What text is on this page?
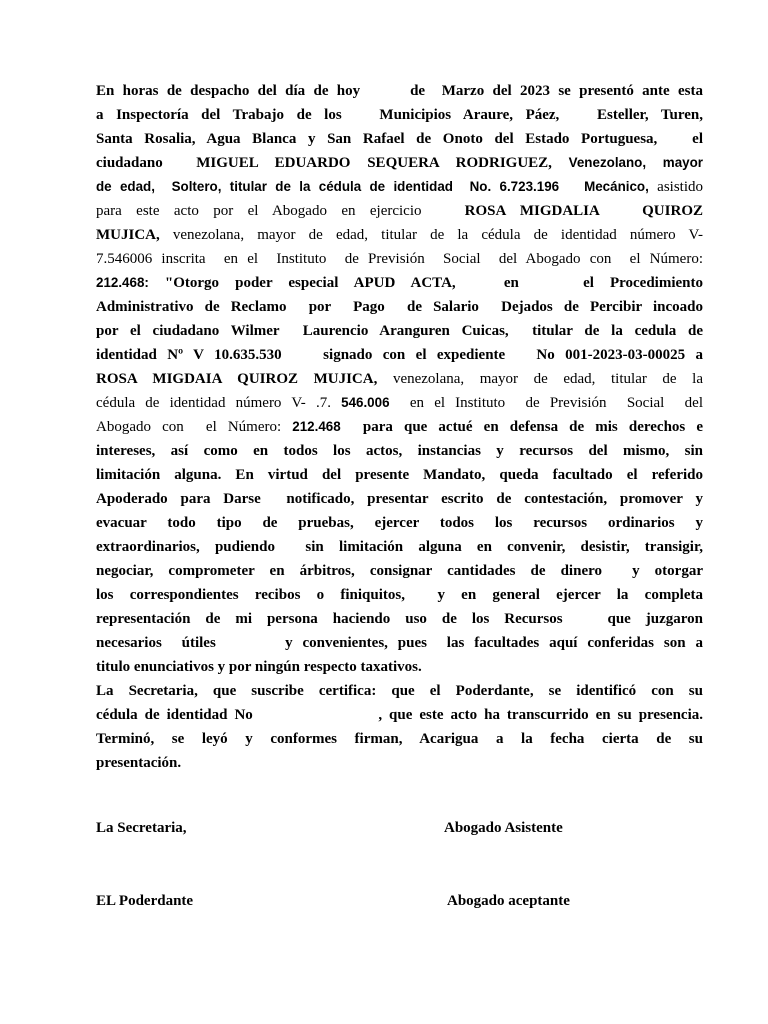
En horas de despacho del día de hoy      de  Marzo del 2023 se presentó ante esta
a Inspectoría del Trabajo de los   Municipios Araure, Páez,   Esteller, Turen,
Santa Rosalia, Agua Blanca y San Rafael de Onoto del Estado Portuguesa,   el
ciudadano  MIGUEL EDUARDO SEQUERA RODRIGUEZ, Venezolano, mayor
de edad,  Soltero, titular de la cédula de identidad  No. 6.723.196   Mecánico, asistido
para este acto por el Abogado en ejercicio   ROSA MIGDALIA   QUIROZ
MUJICA, venezolana, mayor de edad, titular de la cédula de identidad número V-
7.546006 inscrita  en el  Instituto  de Previsión  Social  del Abogado con  el Número:
212.468: "Otorgo poder especial APUD ACTA,   en    el Procedimiento
Administrativo de Reclamo  por  Pago  de Salario  Dejados de Percibir incoado
por el ciudadano Wilmer  Laurencio Aranguren Cuicas,  titular de la cedula de
identidad Nº V 10.635.530    signado con el expediente   No 001-2023-03-00025 a
ROSA MIGDAIA QUIROZ MUJICA, venezolana, mayor de edad, titular de la
cédula de identidad número V- .7. 546.006  en el Instituto  de Previsión  Social  del
Abogado con  el Número: 212.468  para que actué en defensa de mis derechos e
intereses, así como en todos los actos, instancias y recursos del mismo, sin
limitación alguna. En virtud del presente Mandato, queda facultado el referido
Apoderado para Darse  notificado, presentar escrito de contestación, promover y
evacuar todo tipo de pruebas, ejercer todos los recursos ordinarios y
extraordinarios, pudiendo  sin limitación alguna en convenir, desistir, transigir,
negociar, comprometer en árbitros, consignar cantidades de dinero  y otorgar
los correspondientes recibos o finiquitos,  y en general ejercer la completa
representación de mi persona haciendo uso de los Recursos   que juzgaron
necesarios  útiles       y convenientes, pues  las facultades aquí conferidas son a
titulo enunciativos y por ningún respecto taxativos.
La Secretaria, que suscribe certifica: que el Poderdante, se identificó con su
cédula de identidad No                  , que este acto ha transcurrido en su presencia.
Terminó, se leyó y conformes firman, Acarigua a la fecha cierta de su
presentación.
La Secretaria,	Abogado Asistente
EL Poderdante	Abogado aceptante
